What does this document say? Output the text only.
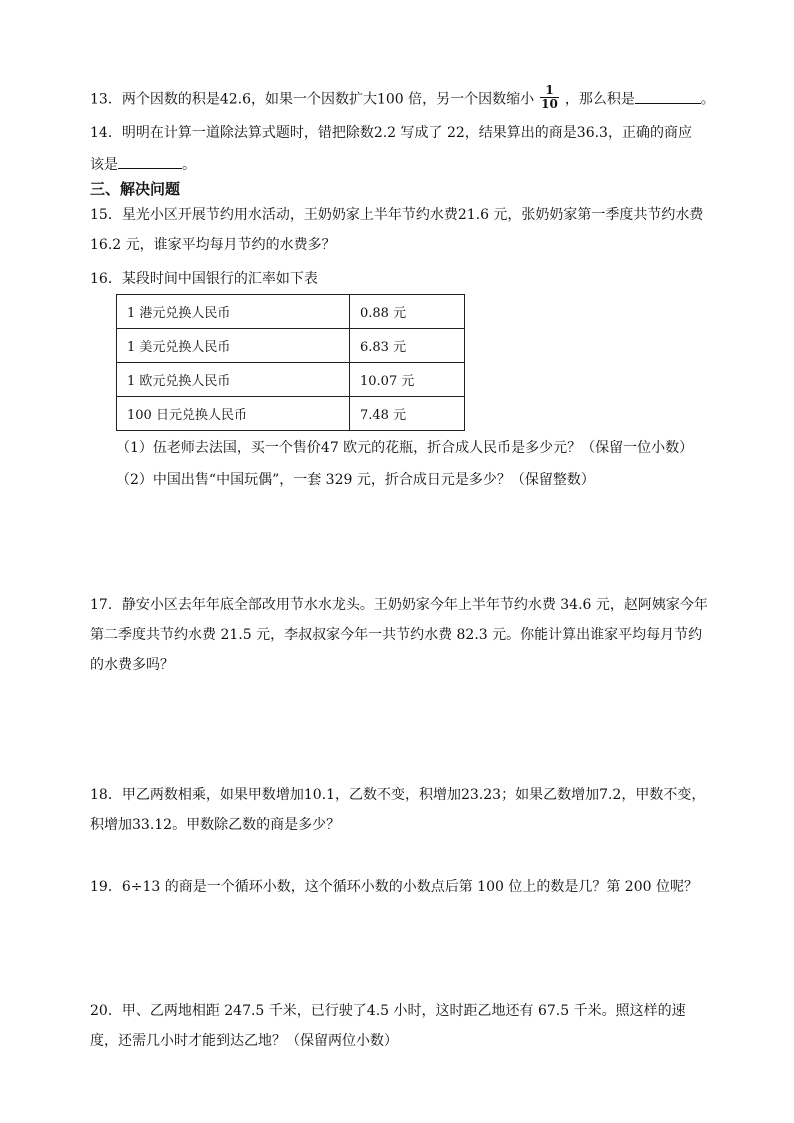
13．两个因数的积是42.6，如果一个因数扩大100 倍，另一个因数缩小 $\frac{1}{10}$ ，那么积是	。
14．明明在计算一道除法算式题时，错把除数2.2 写成了 22，结果算出的商是36.3，正确的商应
该是	。
三、解决问题

15．星光小区开展节约用水活动，王奶奶家上半年节约水费21.6 元，张奶奶家第一季度共节约水费 16.2 元，谁家平均每月节约的水费多？

16．某段时间中国银行的汇率如下表
1 港元兑换人民币	0.88 元
1 美元兑换人民币	6.83 元
1 欧元兑换人民币	10.07 元
100 日元兑换人民币	7.48 元
（1）伍老师去法国，买一个售价47 欧元的花瓶，折合成人民币是多少元？（保留一位小数）
（2）中国出售“中国玩偶”，一套 329 元，折合成日元是多少？（保留整数）

17．静安小区去年年底全部改用节水水龙头。王奶奶家今年上半年节约水费 34.6 元，赵阿姨家今年第二季度共节约水费 21.5 元，李叔叔家今年一共节约水费 82.3 元。你能计算出谁家平均每月节约的水费多吗？

18．甲乙两数相乘，如果甲数增加10.1，乙数不变，积增加23.23；如果乙数增加7.2，甲数不变，积增加33.12。甲数除乙数的商是多少？

19．6÷13 的商是一个循环小数，这个循环小数的小数点后第 100 位上的数是几？第 200 位呢？

20．甲、乙两地相距 247.5 千米，已行驶了4.5 小时，这时距乙地还有 67.5 千米。照这样的速度，还需几小时才能到达乙地？（保留两位小数）
